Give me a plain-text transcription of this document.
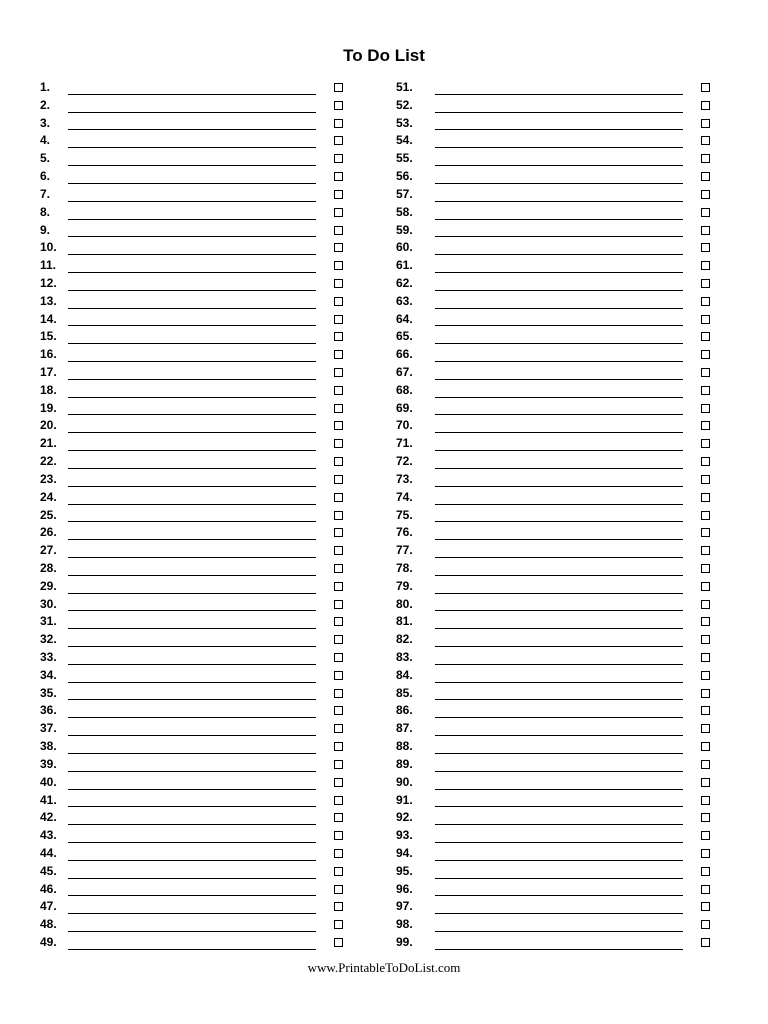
To Do List
1.
2.
3.
4.
5.
6.
7.
8.
9.
10.
11.
12.
13.
14.
15.
16.
17.
18.
19.
20.
21.
22.
23.
24.
25.
26.
27.
28.
29.
30.
31.
32.
33.
34.
35.
36.
37.
38.
39.
40.
41.
42.
43.
44.
45.
46.
47.
48.
49.
51.
52.
53.
54.
55.
56.
57.
58.
59.
60.
61.
62.
63.
64.
65.
66.
67.
68.
69.
70.
71.
72.
73.
74.
75.
76.
77.
78.
79.
80.
81.
82.
83.
84.
85.
86.
87.
88.
89.
90.
91.
92.
93.
94.
95.
96.
97.
98.
99.
www.PrintableToDoList.com
